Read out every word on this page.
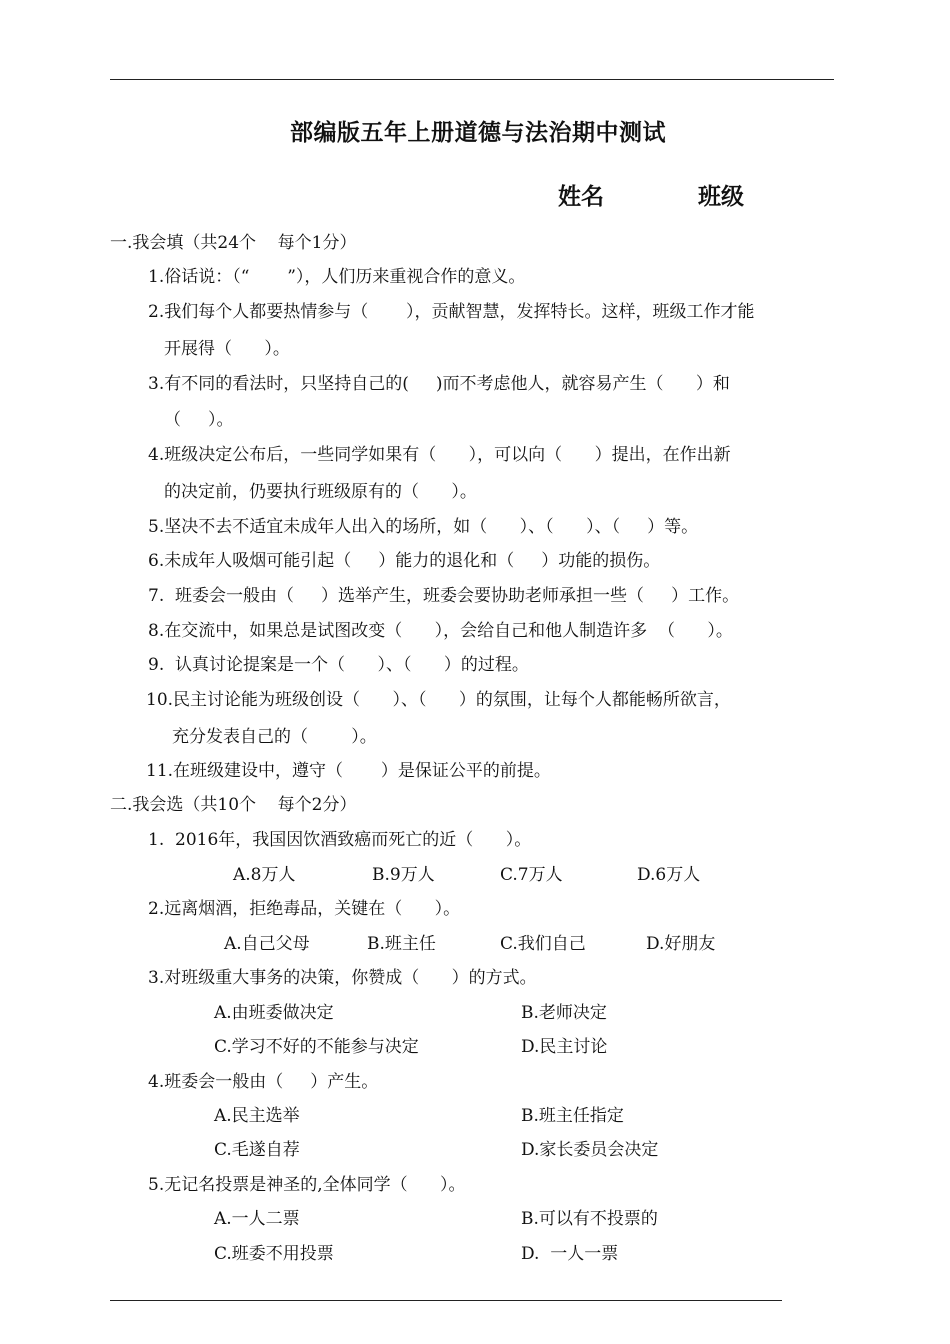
部编版五年上册道德与法治期中测试
姓名	班级
一.我会填（共24个    每个1分）
1.俗话说：（“       ”），人们历来重视合作的意义。
2.我们每个人都要热情参与（       ），贡献智慧，发挥特长。这样，班级工作才能
开展得（      ）。
3.有不同的看法时，只坚持自己的(     )而不考虑他人，就容易产生（      ）和
（     ）。
4.班级决定公布后，一些同学如果有（      ），可以向（      ）提出，在作出新
的决定前，仍要执行班级原有的（      ）。
5.坚决不去不适宜未成年人出入的场所，如（      ）、（      ）、（     ）等。
6.未成年人吸烟可能引起（     ）能力的退化和（     ）功能的损伤。
7.  班委会一般由（     ）选举产生，班委会要协助老师承担一些（     ）工作。
8.在交流中，如果总是试图改变（      ），会给自己和他人制造许多  （      ）。
9.  认真讨论提案是一个（      ）、（      ）的过程。
10.民主讨论能为班级创设（      ）、（      ）的氛围，让每个人都能畅所欲言，
充分发表自己的（        ）。
11.在班级建设中，遵守（       ）是保证公平的前提。
二.我会选（共10个    每个2分）
1.  2016年，我国因饮酒致癌而死亡的近（      ）。
A.8万人	B.9万人	C.7万人	D.6万人
2.远离烟酒，拒绝毒品，关键在（      ）。
A.自己父母	B.班主任	C.我们自己	D.好朋友
3.对班级重大事务的决策，你赞成（      ）的方式。
A.由班委做决定	B.老师决定
C.学习不好的不能参与决定	D.民主讨论
4.班委会一般由（     ）产生。
A.民主选举	B.班主任指定
C.毛遂自荐	D.家长委员会决定
5.无记名投票是神圣的,全体同学（      ）。
A.一人二票	B.可以有不投票的
C.班委不用投票	D.  一人一票
